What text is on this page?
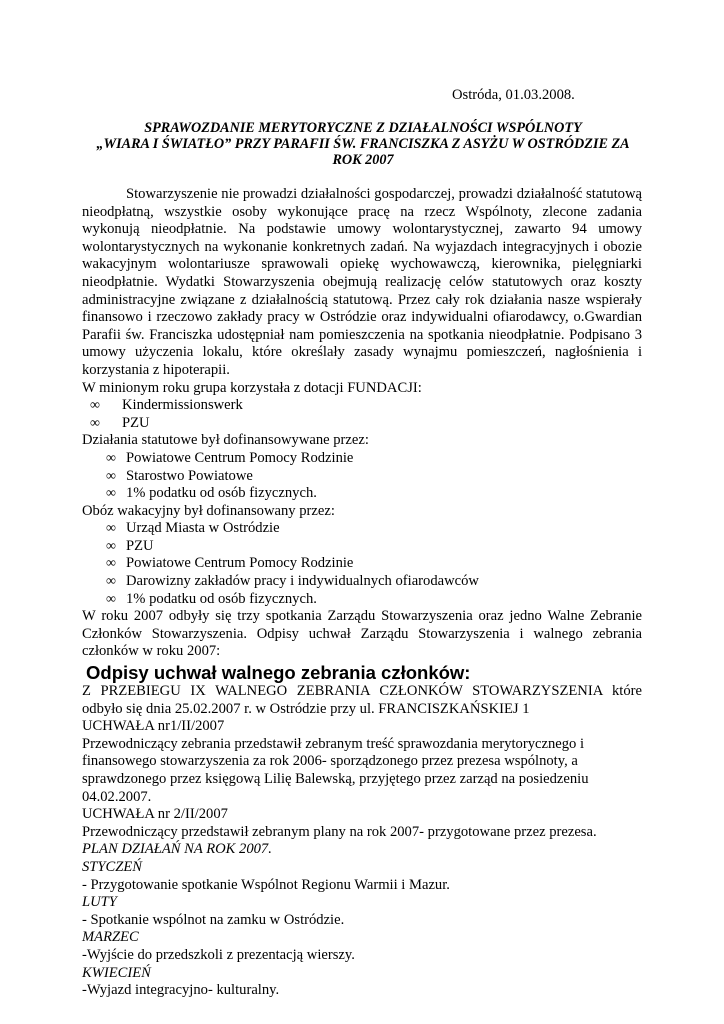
Ostróda, 01.03.2008.
SPRAWOZDANIE MERYTORYCZNE Z DZIAŁALNOŚCI WSPÓLNOTY
„WIARA I ŚWIATŁO” PRZY PARAFII ŚW. FRANCISZKA Z ASYŻU W OSTRÓDZIE ZA
ROK 2007

Stowarzyszenie nie prowadzi działalności gospodarczej, prowadzi działalność statutową nieodpłatną, wszystkie osoby wykonujące pracę na rzecz Wspólnoty, zlecone zadania wykonują nieodpłatnie. Na podstawie umowy wolontarystycznej, zawarto 94 umowy wolontarystycznych na wykonanie konkretnych zadań. Na wyjazdach integracyjnych i obozie wakacyjnym wolontariusze sprawowali opiekę wychowawczą, kierownika, pielęgniarki nieodpłatnie. Wydatki Stowarzyszenia obejmują realizację celów statutowych oraz koszty administracyjne związane z działalnością statutową. Przez cały rok działania nasze wspierały finansowo i rzeczowo zakłady pracy w Ostródzie oraz indywidualni ofiarodawcy, o.Gwardian Parafii św. Franciszka udostępniał nam pomieszczenia na spotkania nieodpłatnie. Podpisano 3 umowy użyczenia lokalu, które określały zasady wynajmu pomieszczeń, nagłośnienia i korzystania z hipoterapii.

W minionym roku grupa korzystała z dotacji FUNDACJI:

∞ Kindermissionswerk
∞ PZU

Działania statutowe był dofinansowywane przez:

∞ Powiatowe Centrum Pomocy Rodzinie
∞ Starostwo Powiatowe
∞ 1% podatku od osób fizycznych.

Obóz wakacyjny był dofinansowany przez:

∞ Urząd Miasta w Ostródzie
∞ PZU
∞ Powiatowe Centrum Pomocy Rodzinie
∞ Darowizny zakładów pracy i indywidualnych ofiarodawców
∞ 1% podatku od osób fizycznych.

W roku 2007 odbyły się trzy spotkania Zarządu Stowarzyszenia oraz jedno Walne Zebranie

Członków Stowarzyszenia. Odpisy uchwał Zarządu Stowarzyszenia i walnego zebrania

członków w roku 2007:

Odpisy uchwał walnego zebrania członków:

Z PRZEBIEGU IX WALNEGO ZEBRANIA CZŁONKÓW STOWARZYSZENIA które

odbyło się dnia 25.02.2007 r. w Ostródzie przy ul. FRANCISZKAŃSKIEJ 1

UCHWAŁA nr1/II/2007

Przewodniczący zebrania przedstawił zebranym treść sprawozdania merytorycznego i

finansowego stowarzyszenia za rok 2006- sporządzonego przez prezesa wspólnoty, a

sprawdzonego przez księgową Lilię Balewską, przyjętego przez zarząd na posiedzeniu

04.02.2007.

UCHWAŁA nr 2/II/2007

Przewodniczący przedstawił zebranym plany na rok 2007- przygotowane przez prezesa.

PLAN DZIAŁAŃ NA ROK 2007.

STYCZEŃ

- Przygotowanie spotkanie Wspólnot Regionu Warmii i Mazur.

LUTY

- Spotkanie wspólnot na zamku w Ostródzie.

MARZEC

-Wyjście do przedszkoli z prezentacją wierszy.

KWIECIEŃ

-Wyjazd integracyjno- kulturalny.
